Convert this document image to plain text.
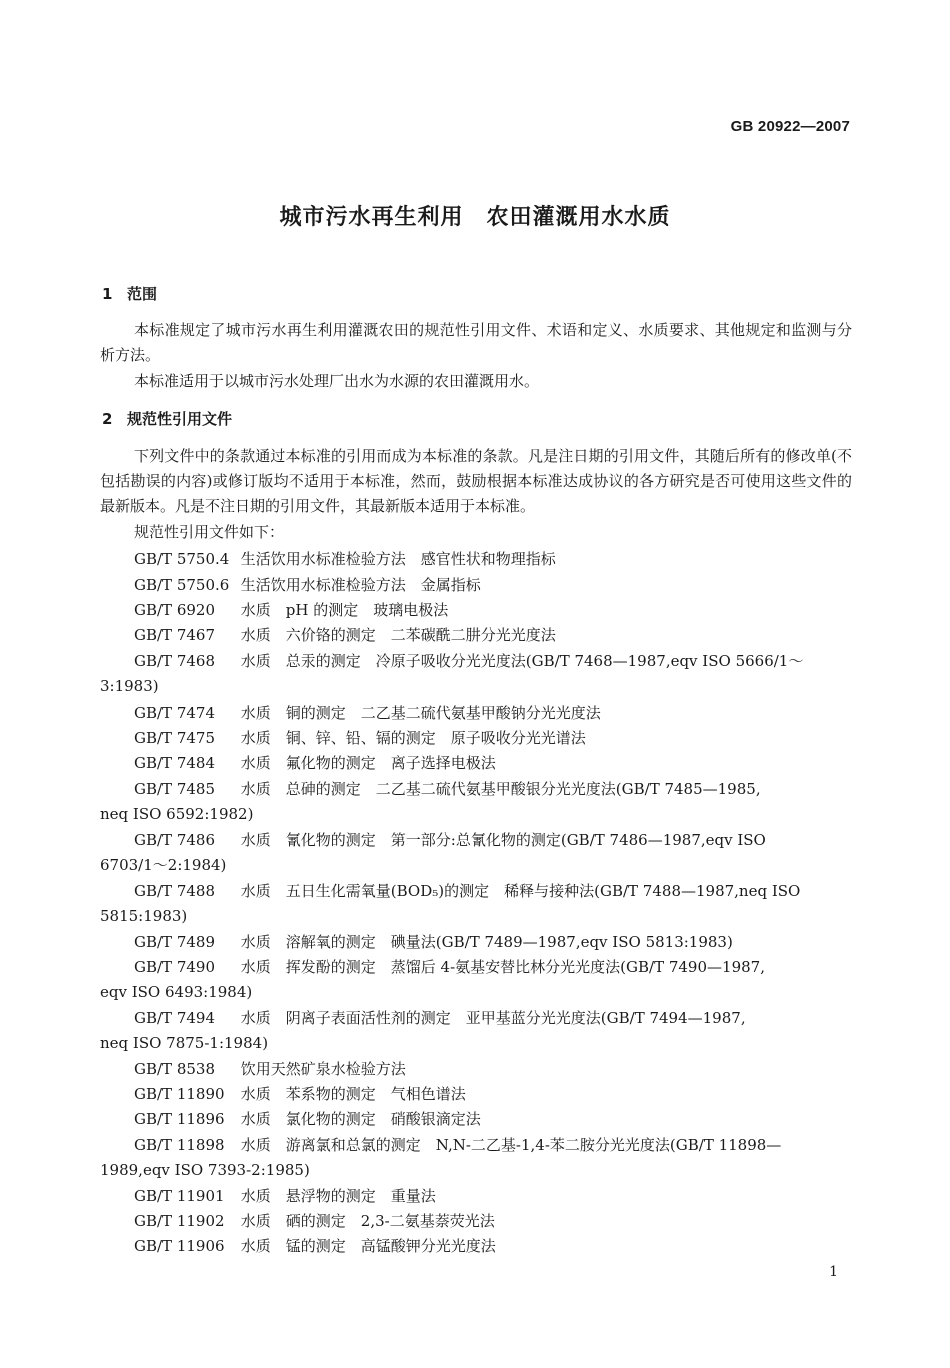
GB 20922—2007
城市污水再生利用　农田灌溉用水水质
1 范围
本标准规定了城市污水再生利用灌溉农田的规范性引用文件、术语和定义、水质要求、其他规定和监测与分析方法。
本标准适用于以城市污水处理厂出水为水源的农田灌溉用水。
2 规范性引用文件
下列文件中的条款通过本标准的引用而成为本标准的条款。凡是注日期的引用文件，其随后所有的修改单(不包括勘误的内容)或修订版均不适用于本标准，然而，鼓励根据本标准达成协议的各方研究是否可使用这些文件的最新版本。凡是不注日期的引用文件，其最新版本适用于本标准。
规范性引用文件如下：
GB/T 5750.4 生活饮用水标准检验方法　感官性状和物理指标
GB/T 5750.6 生活饮用水标准检验方法　金属指标
GB/T 6920 水质　pH 的测定　玻璃电极法
GB/T 7467 水质　六价铬的测定　二苯碳酰二肼分光光度法
GB/T 7468 水质　总汞的测定　冷原子吸收分光光度法(GB/T 7468—1987,eqv ISO 5666/1～
3:1983)
GB/T 7474 水质　铜的测定　二乙基二硫代氨基甲酸钠分光光度法
GB/T 7475 水质　铜、锌、铅、镉的测定　原子吸收分光光谱法
GB/T 7484 水质　氟化物的测定　离子选择电极法
GB/T 7485 水质　总砷的测定　二乙基二硫代氨基甲酸银分光光度法(GB/T 7485—1985,
neq ISO 6592:1982)
GB/T 7486 水质　氰化物的测定　第一部分:总氰化物的测定(GB/T 7486—1987,eqv ISO
6703/1～2:1984)
GB/T 7488 水质　五日生化需氧量(BOD₅)的测定　稀释与接种法(GB/T 7488—1987,neq ISO
5815:1983)
GB/T 7489 水质　溶解氧的测定　碘量法(GB/T 7489—1987,eqv ISO 5813:1983)
GB/T 7490 水质　挥发酚的测定　蒸馏后 4-氨基安替比林分光光度法(GB/T 7490—1987,
eqv ISO 6493:1984)
GB/T 7494 水质　阴离子表面活性剂的测定　亚甲基蓝分光光度法(GB/T 7494—1987,
neq ISO 7875-1:1984)
GB/T 8538 饮用天然矿泉水检验方法
GB/T 11890 水质　苯系物的测定　气相色谱法
GB/T 11896 水质　氯化物的测定　硝酸银滴定法
GB/T 11898 水质　游离氯和总氯的测定　N,N-二乙基-1,4-苯二胺分光光度法(GB/T 11898—
1989,eqv ISO 7393-2:1985)
GB/T 11901 水质　悬浮物的测定　重量法
GB/T 11902 水质　硒的测定　2,3-二氨基萘荧光法
GB/T 11906 水质　锰的测定　高锰酸钾分光光度法
1
